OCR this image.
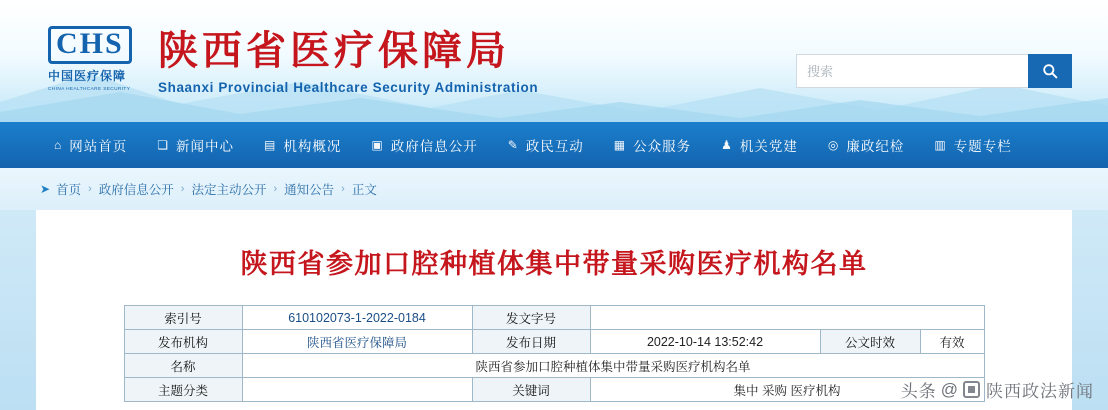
CHS
中国医疗保障
CHINA HEALTHCARE SECURITY
陕西省医疗保障局
Shaanxi Provincial Healthcare Security Administration
搜索
⌂ 网站首页	❏ 新闻中心	▤ 机构概况	▣ 政府信息公开	✎ 政民互动	▦ 公众服务	♟ 机关党建	◎ 廉政纪检	▥ 专题专栏
➤ 首页 › 政府信息公开 › 法定主动公开 › 通知公告 › 正文
陕西省参加口腔种植体集中带量采购医疗机构名单
索引号	610102073-1-2022-0184	发文字号			
发布机构	陕西省医疗保障局	发布日期	2022-10-14 13:52:42	公文时效	有效
名称	陕西省参加口腔种植体集中带量采购医疗机构名单				
主题分类		关键词	集中 采购 医疗机构			头条 @ 陕西政法新闻
